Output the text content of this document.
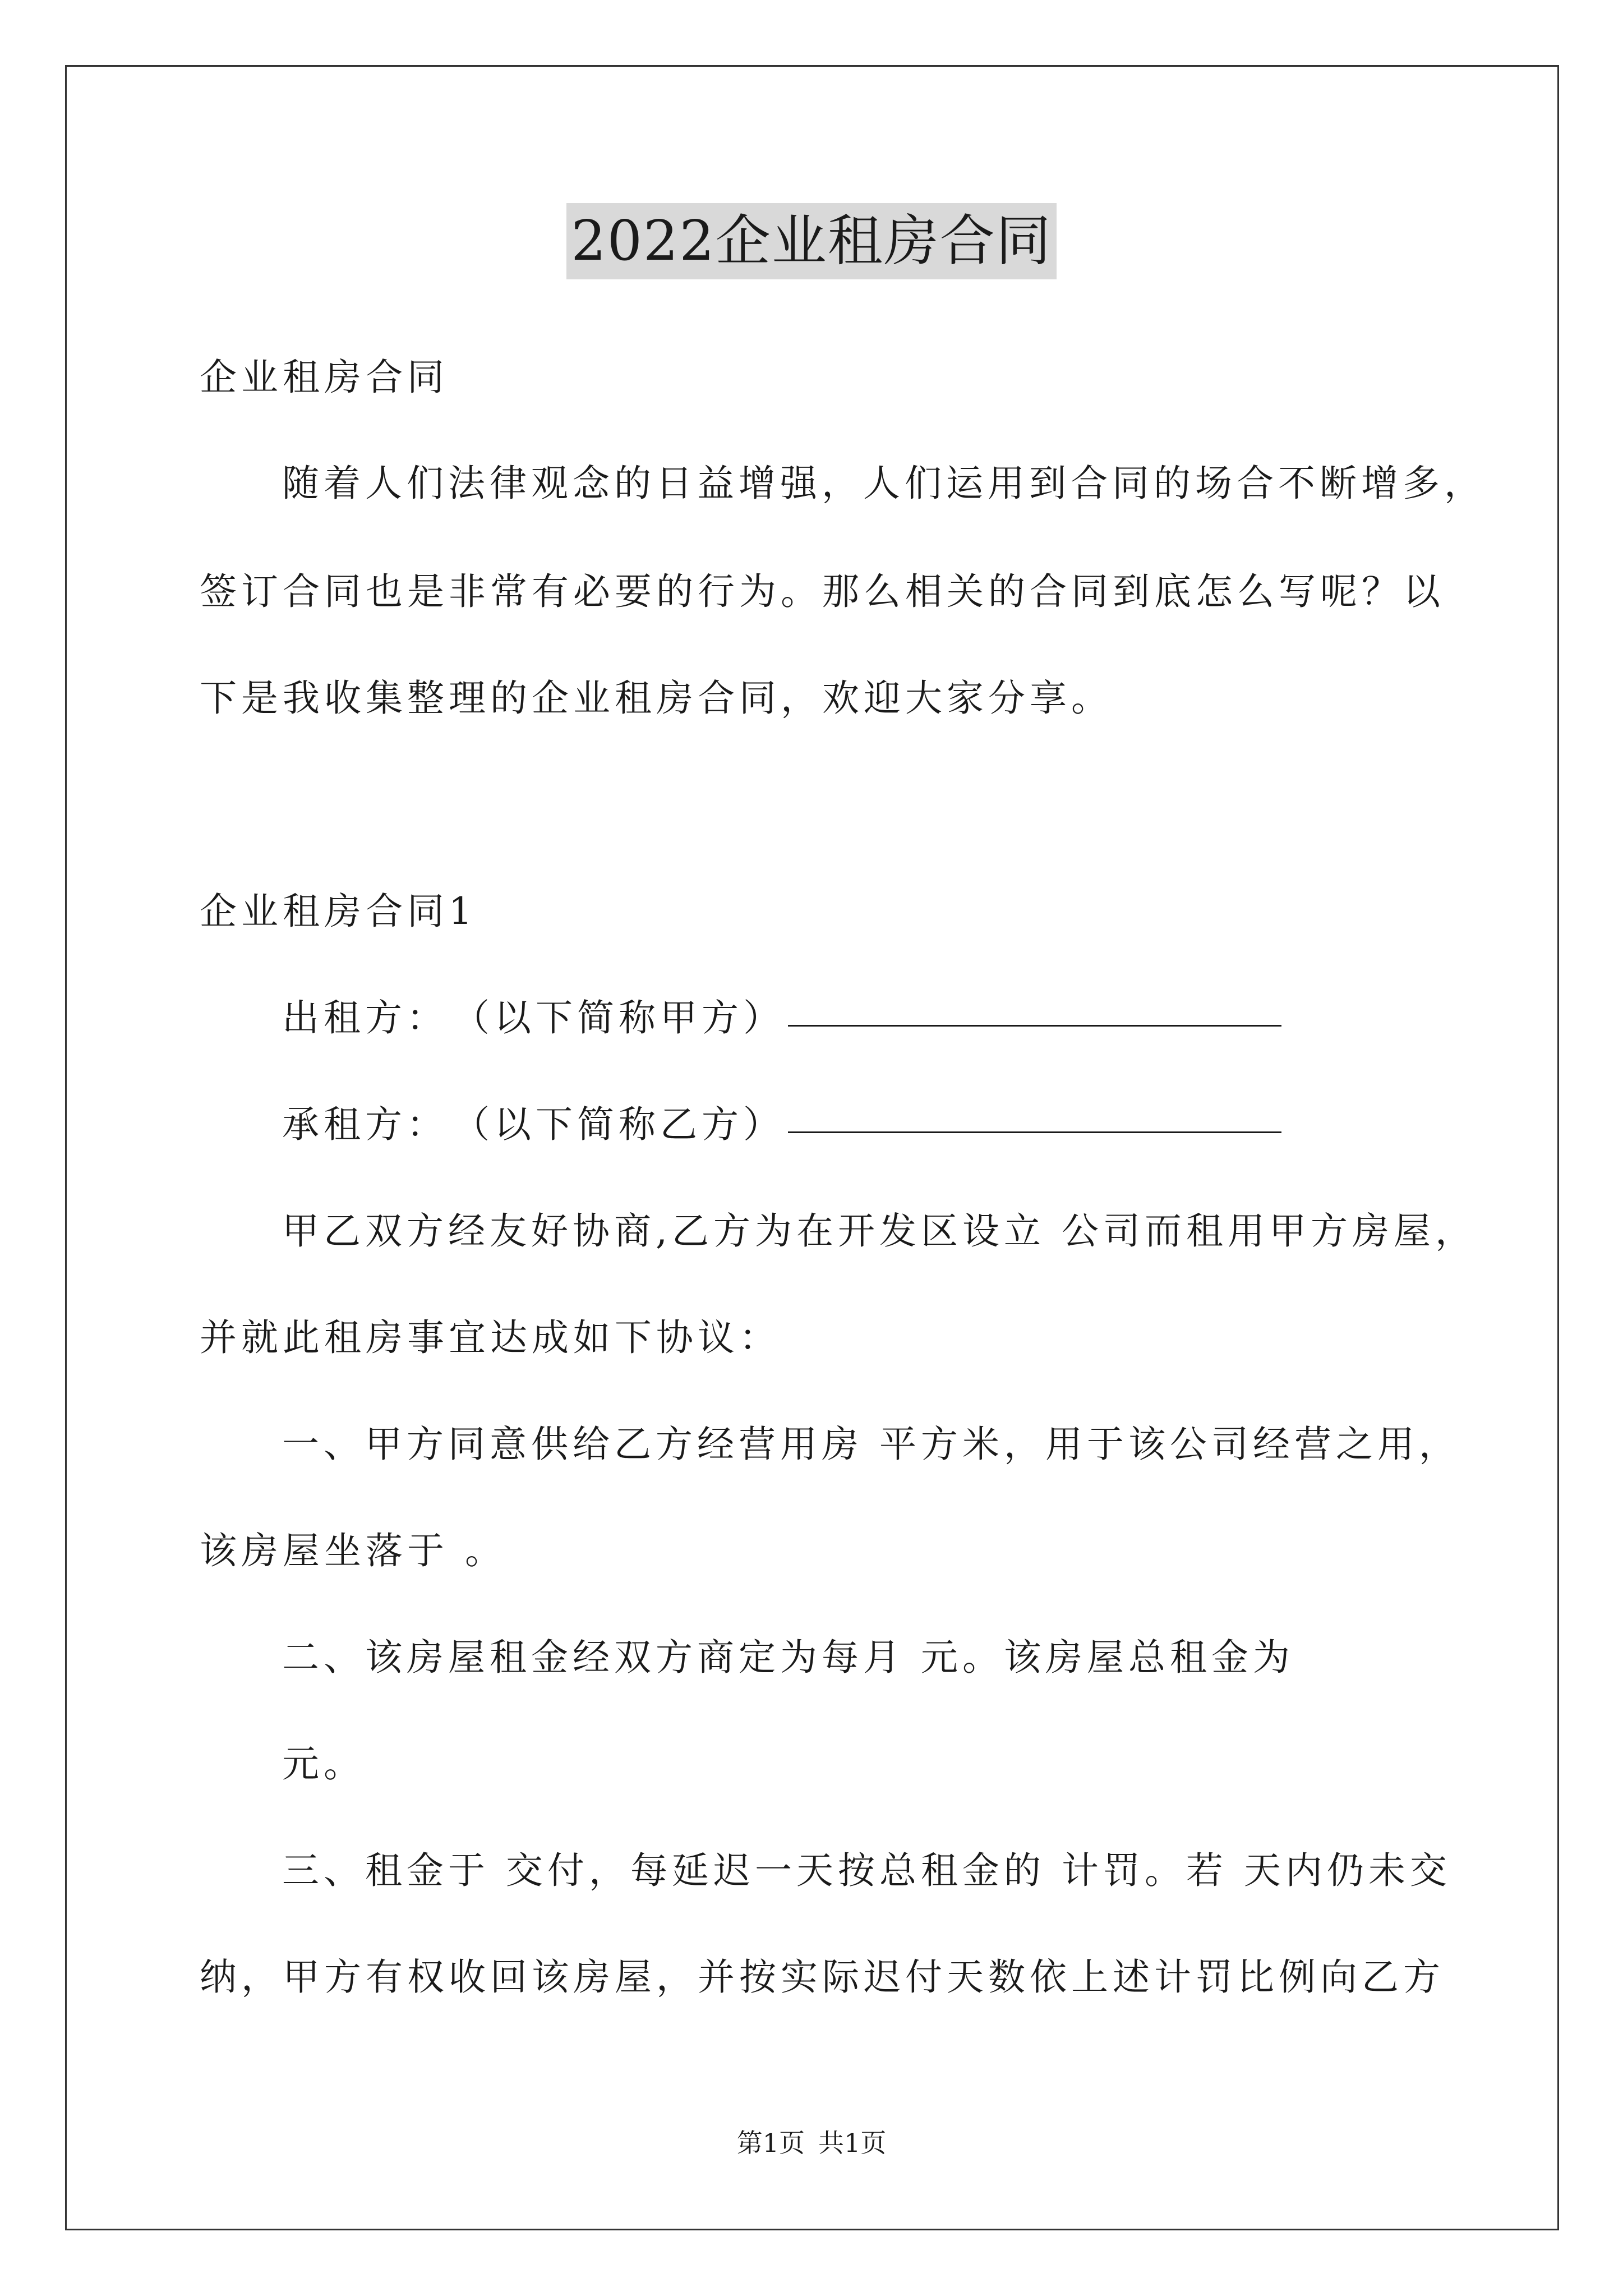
2022企业租房合同
企业租房合同
随着人们法律观念的日益增强，人们运用到合同的场合不断增多，
签订合同也是非常有必要的行为。那么相关的合同到底怎么写呢？以
下是我收集整理的企业租房合同，欢迎大家分享。
企业租房合同1
出租方：　（以下简称甲方）
承租方：　（以下简称乙方）
甲乙双方经友好协商,乙方为在开发区设立 公司而租用甲方房屋，
并就此租房事宜达成如下协议：
一、甲方同意供给乙方经营用房 平方米，用于该公司经营之用，
该房屋坐落于 。
二、该房屋租金经双方商定为每月 元。该房屋总租金为
元。
三、租金于 交付，每延迟一天按总租金的 计罚。若 天内仍未交
纳，甲方有权收回该房屋，并按实际迟付天数依上述计罚比例向乙方
第1页 共1页
